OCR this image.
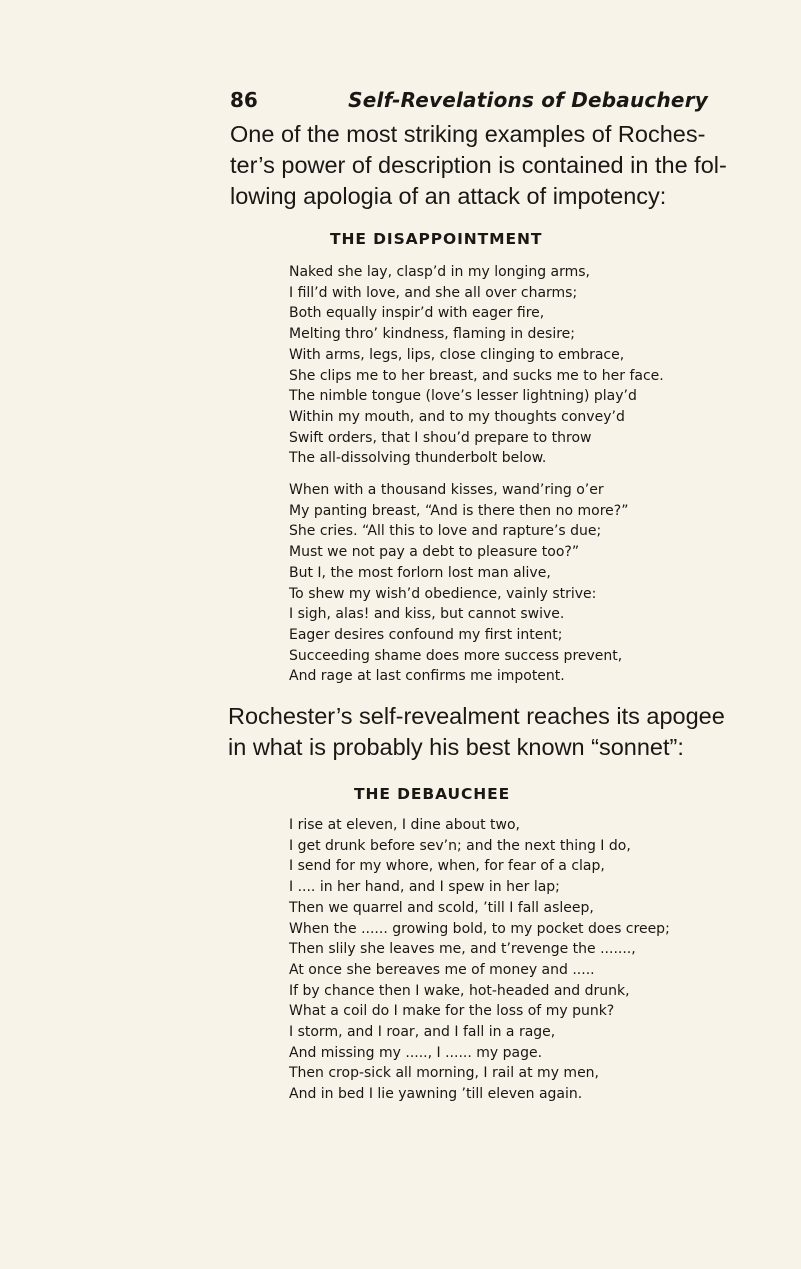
86	Self-Revelations of Debauchery

One of the most striking examples of Roches-
ter’s power of description is contained in the fol-
lowing apologia of an attack of impotency:

THE DISAPPOINTMENT
Naked she lay, clasp’d in my longing arms,
I fill’d with love, and she all over charms;
Both equally inspir’d with eager fire,
Melting thro’ kindness, flaming in desire;
With arms, legs, lips, close clinging to embrace,
She clips me to her breast, and sucks me to her face.
The nimble tongue (love’s lesser lightning) play’d
Within my mouth, and to my thoughts convey’d
Swift orders, that I shou’d prepare to throw
The all-dissolving thunderbolt below.
When with a thousand kisses, wand’ring o’er
My panting breast, “And is there then no more?”
She cries. “All this to love and rapture’s due;
Must we not pay a debt to pleasure too?”
But I, the most forlorn lost man alive,
To shew my wish’d obedience, vainly strive:
I sigh, alas! and kiss, but cannot swive.
Eager desires confound my first intent;
Succeeding shame does more success prevent,
And rage at last confirms me impotent.

Rochester’s self-revealment reaches its apogee
in what is probably his best known “sonnet”:

THE DEBAUCHEE
I rise at eleven, I dine about two,
I get drunk before sev’n; and the next thing I do,
I send for my whore, when, for fear of a clap,
I .... in her hand, and I spew in her lap;
Then we quarrel and scold, ’till I fall asleep,
When the ...... growing bold, to my pocket does creep;
Then slily she leaves me, and t’revenge the .......,
At once she bereaves me of money and .....
If by chance then I wake, hot-headed and drunk,
What a coil do I make for the loss of my punk?
I storm, and I roar, and I fall in a rage,
And missing my ....., I ...... my page.
Then crop-sick all morning, I rail at my men,
And in bed I lie yawning ’till eleven again.
